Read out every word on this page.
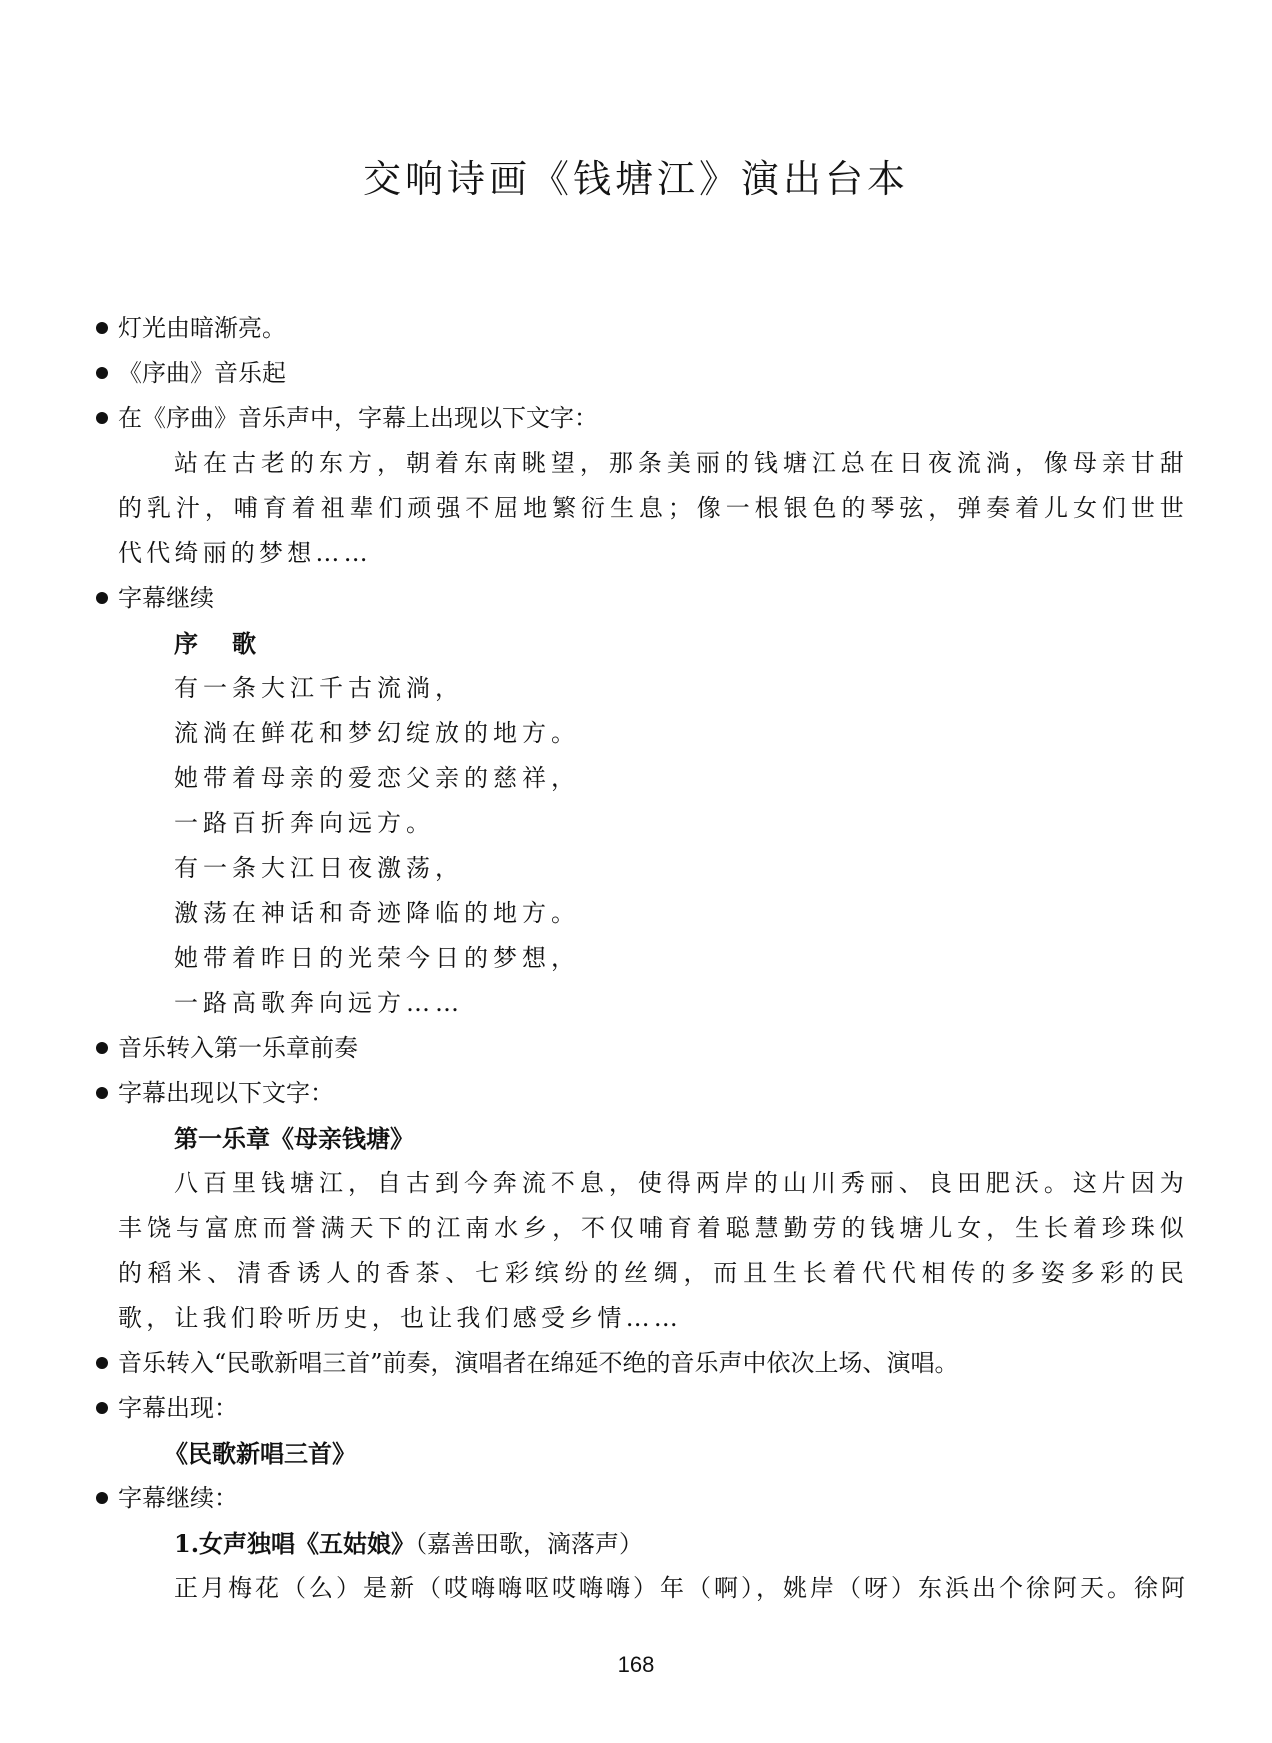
交响诗画《钱塘江》演出台本
灯光由暗渐亮。
《序曲》音乐起
在《序曲》音乐声中，字幕上出现以下文字：
站在古老的东方，朝着东南眺望，那条美丽的钱塘江总在日夜流淌，像母亲甘甜的乳汁，哺育着祖辈们顽强不屈地繁衍生息；像一根银色的琴弦，弹奏着儿女们世世代代绮丽的梦想……
字幕继续
序　歌
有一条大江千古流淌，
流淌在鲜花和梦幻绽放的地方。
她带着母亲的爱恋父亲的慈祥，
一路百折奔向远方。
有一条大江日夜激荡，
激荡在神话和奇迹降临的地方。
她带着昨日的光荣今日的梦想，
一路高歌奔向远方……
音乐转入第一乐章前奏
字幕出现以下文字：
第一乐章《母亲钱塘》
八百里钱塘江，自古到今奔流不息，使得两岸的山川秀丽、良田肥沃。这片因为丰饶与富庶而誉满天下的江南水乡，不仅哺育着聪慧勤劳的钱塘儿女，生长着珍珠似的稻米、清香诱人的香茶、七彩缤纷的丝绸，而且生长着代代相传的多姿多彩的民歌，让我们聆听历史，也让我们感受乡情……
音乐转入“民歌新唱三首”前奏，演唱者在绵延不绝的音乐声中依次上场、演唱。
字幕出现：
《民歌新唱三首》
字幕继续：
1.女声独唱《五姑娘》（嘉善田歌，滴落声）
正月梅花（么）是新（哎嗨嗨呕哎嗨嗨）年（啊），姚岸（呀）东浜出个徐阿天。徐阿
168
